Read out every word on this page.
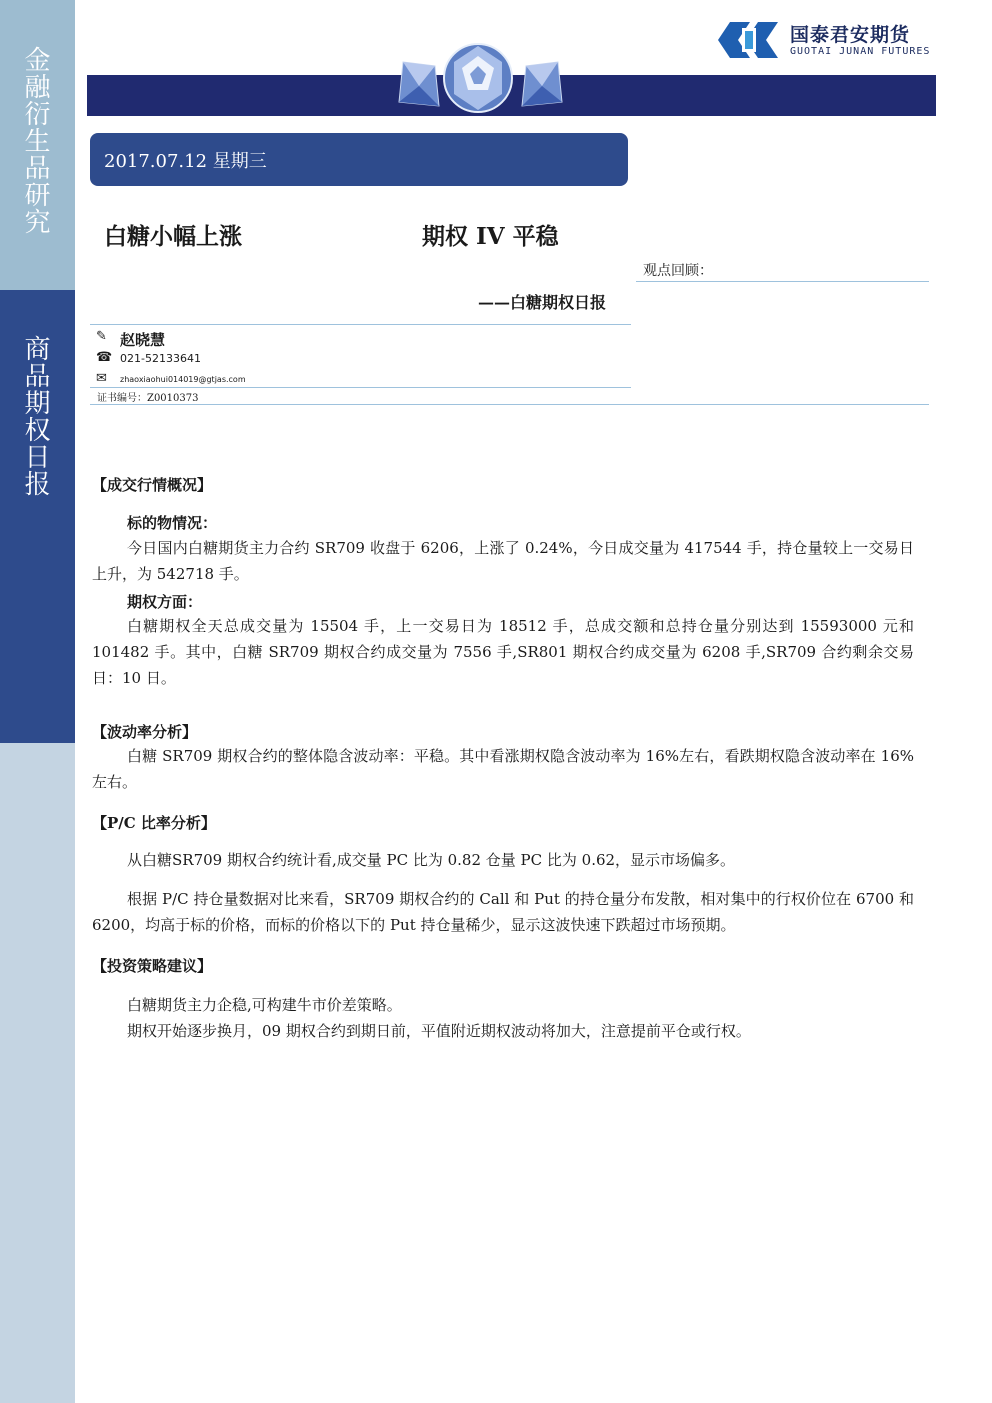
金
融
衍
生
品
研
究
商
品
期
权
日
报
国泰君安期货
GUOTAI JUNAN FUTURES
2017.07.12 星期三
白糖小幅上涨	期权 IV 平稳
观点回顾：
——白糖期权日报
✎ 赵晓慧
☎ 021-52133641
✉ zhaoxiaohui014019@gtjas.com
证书编号：Z0010373
【成交行情概况】
标的物情况：

今日国内白糖期货主力合约 SR709 收盘于 6206，上涨了 0.24%，今日成交量为 417544 手，持仓量较上一交易日上升，为 542718 手。

期权方面：

白糖期权全天总成交量为 15504 手，上一交易日为 18512 手，总成交额和总持仓量分别达到 15593000 元和 101482 手。其中，白糖 SR709 期权合约成交量为 7556 手,SR801 期权合约成交量为 6208 手,SR709 合约剩余交易日：10 日。

【波动率分析】

白糖 SR709 期权合约的整体隐含波动率：平稳。其中看涨期权隐含波动率为 16%左右，看跌期权隐含波动率在 16%左右。

【P/C 比率分析】

从白糖SR709 期权合约统计看,成交量 PC 比为 0.82 仓量 PC 比为 0.62，显示市场偏多。

根据 P/C 持仓量数据对比来看，SR709 期权合约的 Call 和 Put 的持仓量分布发散，相对集中的行权价位在 6700 和 6200，均高于标的价格，而标的价格以下的 Put 持仓量稀少，显示这波快速下跌超过市场预期。

【投资策略建议】
白糖期货主力企稳,可构建牛市价差策略。
期权开始逐步换月，09 期权合约到期日前，平值附近期权波动将加大，注意提前平仓或行权。
